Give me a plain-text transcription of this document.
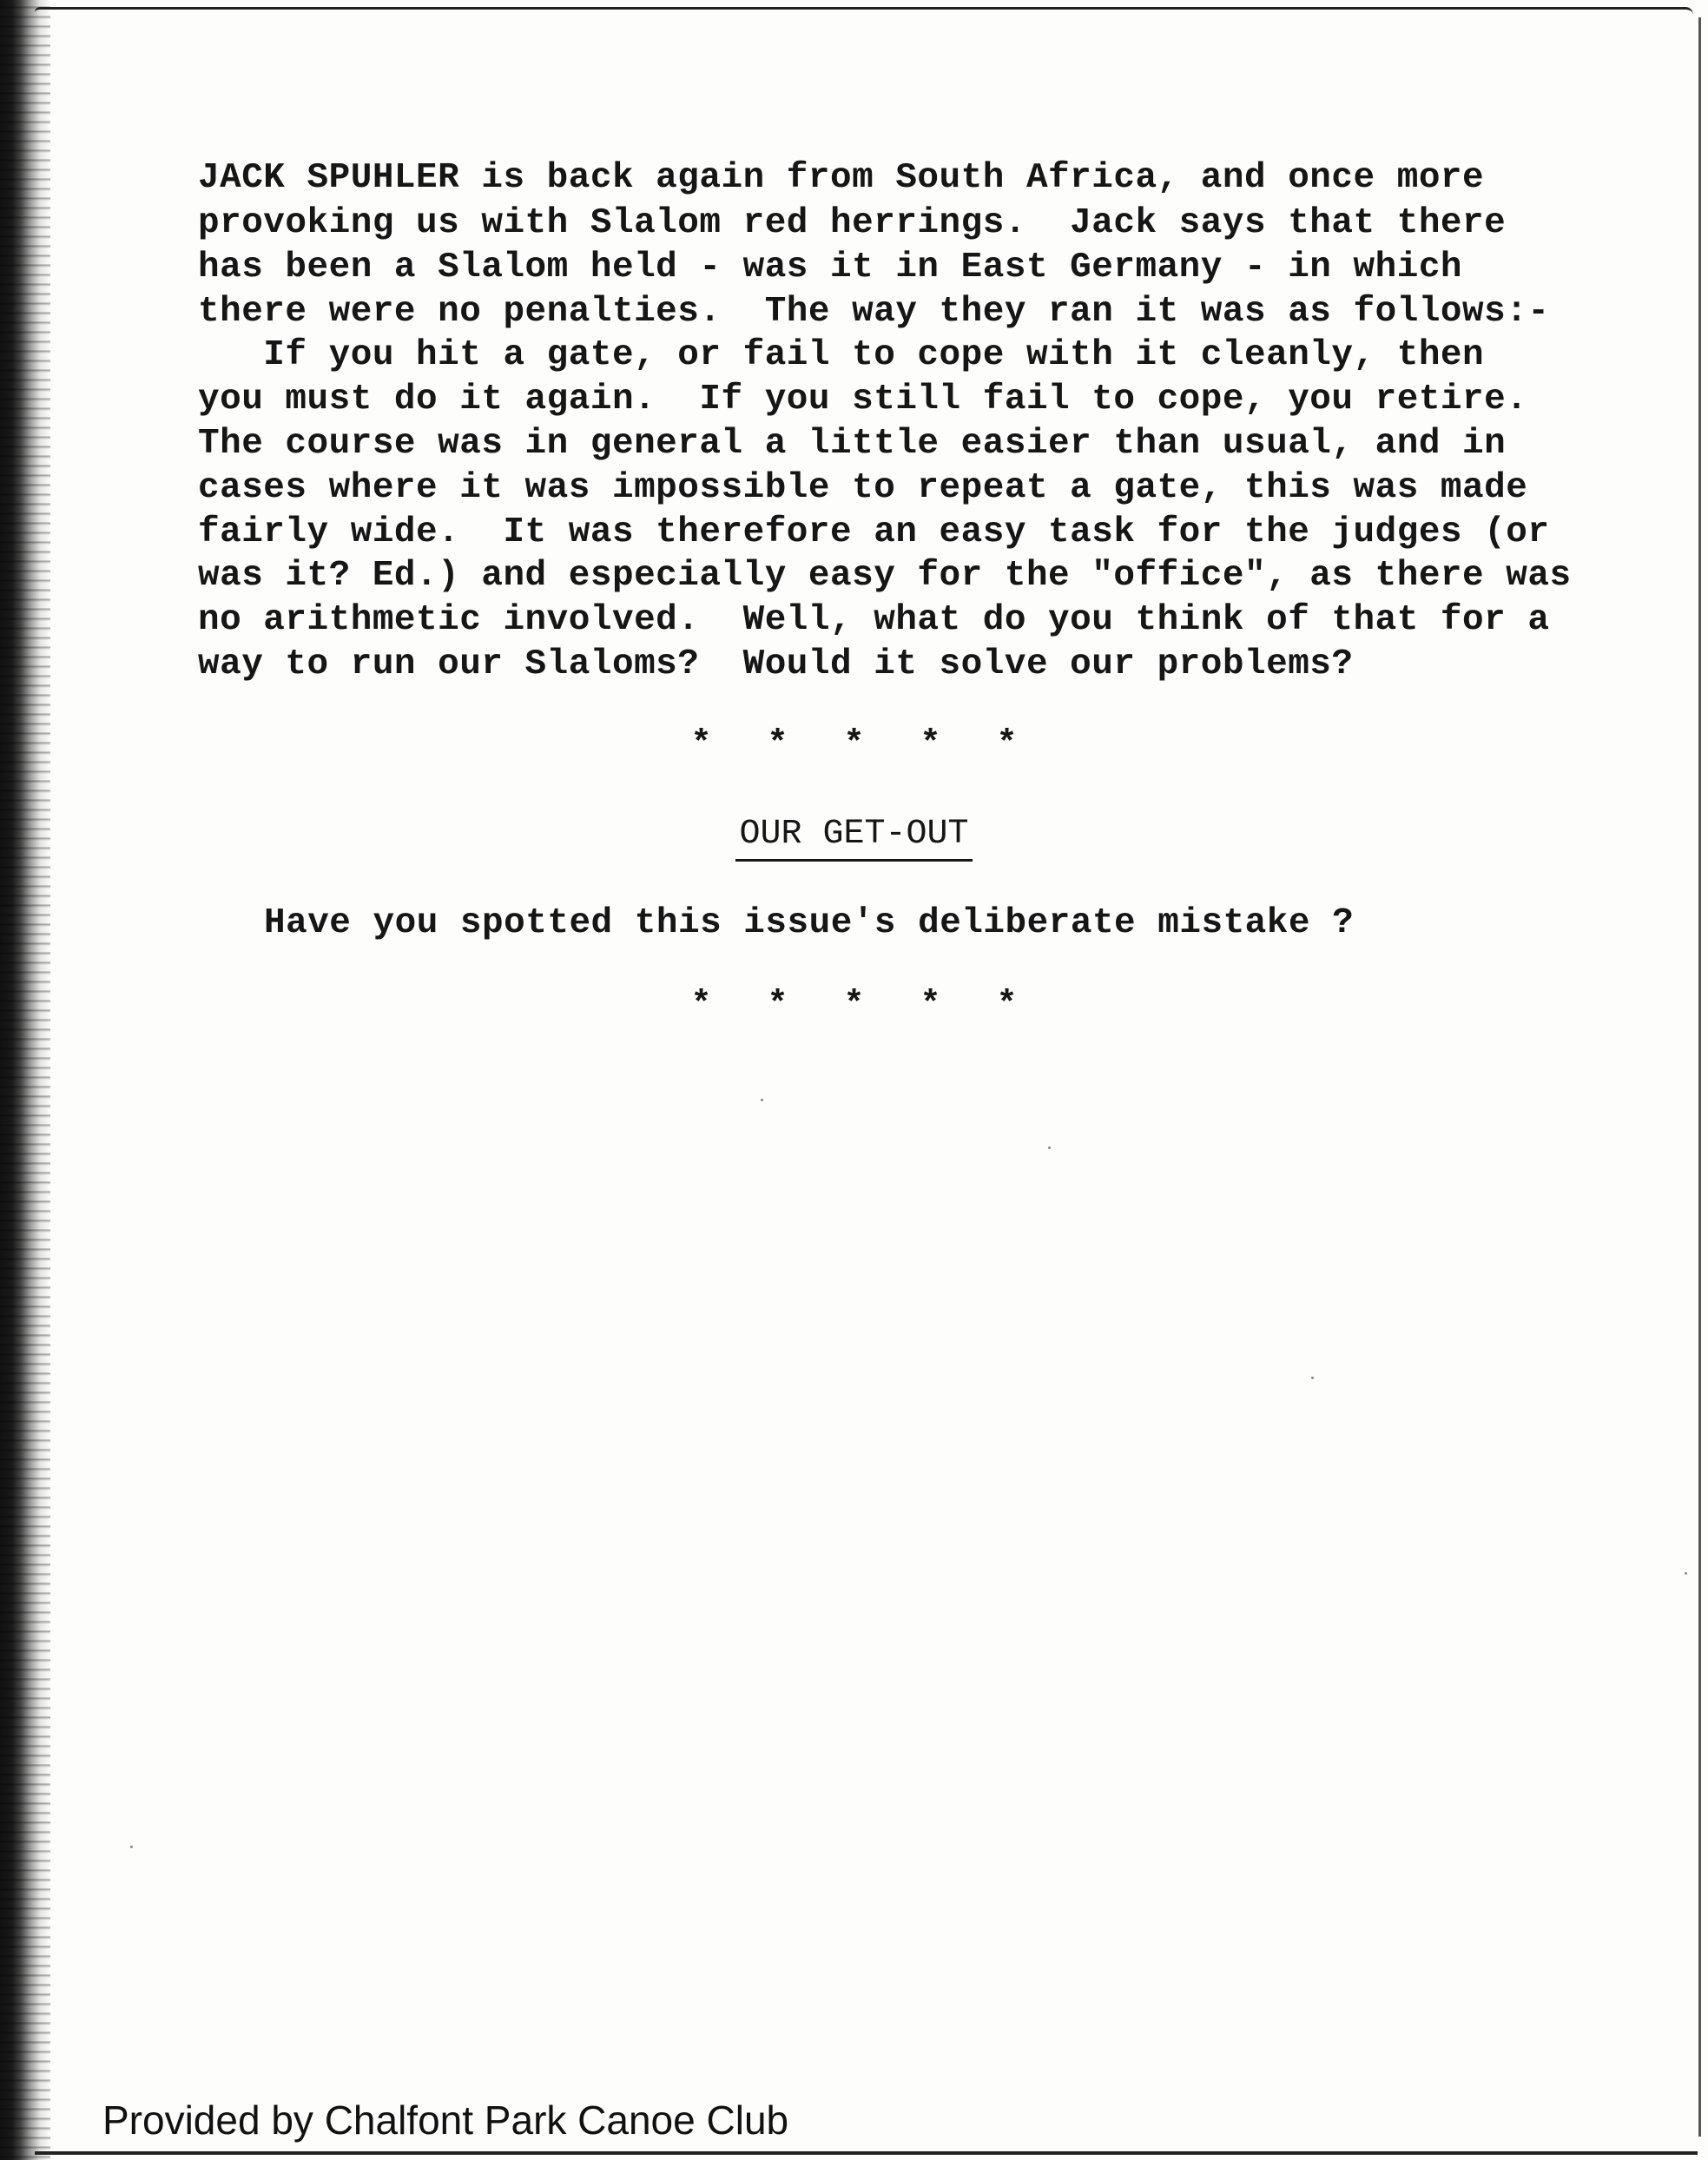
JACK SPUHLER is back again from South Africa, and once more
provoking us with Slalom red herrings.  Jack says that there
has been a Slalom held - was it in East Germany - in which
there were no penalties.  The way they ran it was as follows:-
If you hit a gate, or fail to cope with it cleanly, then
you must do it again.  If you still fail to cope, you retire.
The course was in general a little easier than usual, and in
cases where it was impossible to repeat a gate, this was made
fairly wide.  It was therefore an easy task for the judges (or
was it? Ed.) and especially easy for the "office", as there was
no arithmetic involved.  Well, what do you think of that for a
way to run our Slaloms?  Would it solve our problems?
* * * * *
OUR GET-OUT
Have you spotted this issue's deliberate mistake ?
* * * * *
Provided by Chalfont Park Canoe Club
